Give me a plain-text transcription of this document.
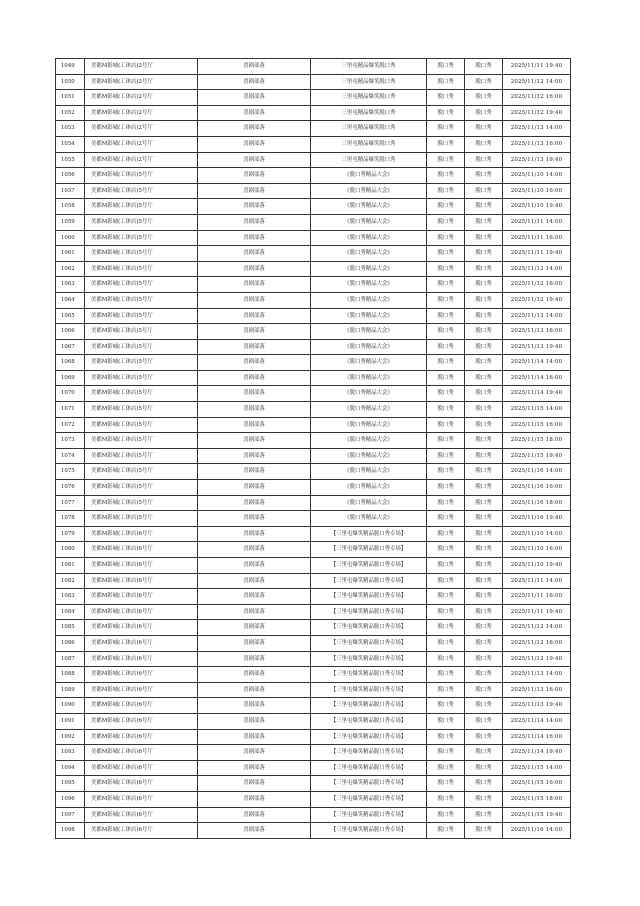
1049	美都M影城(工体店)2号厅	喜剧部落	三里屯精品爆笑脱口秀	脱口秀	脱口秀	2025/11/11 19:40
1050	美都M影城(工体店)2号厅	喜剧部落	三里屯精品爆笑脱口秀	脱口秀	脱口秀	2025/11/12 14:00
1051	美都M影城(工体店)2号厅	喜剧部落	三里屯精品爆笑脱口秀	脱口秀	脱口秀	2025/11/12 16:00
1052	美都M影城(工体店)2号厅	喜剧部落	三里屯精品爆笑脱口秀	脱口秀	脱口秀	2025/11/12 19:40
1053	美都M影城(工体店)2号厅	喜剧部落	三里屯精品爆笑脱口秀	脱口秀	脱口秀	2025/11/13 14:00
1054	美都M影城(工体店)2号厅	喜剧部落	三里屯精品爆笑脱口秀	脱口秀	脱口秀	2025/11/13 16:00
1055	美都M影城(工体店)2号厅	喜剧部落	三里屯精品爆笑脱口秀	脱口秀	脱口秀	2025/11/13 19:40
1056	美都M影城(工体店)5号厅	喜剧部落	《脱口秀精品大会》	脱口秀	脱口秀	2025/11/10 14:00
1057	美都M影城(工体店)5号厅	喜剧部落	《脱口秀精品大会》	脱口秀	脱口秀	2025/11/10 16:00
1058	美都M影城(工体店)5号厅	喜剧部落	《脱口秀精品大会》	脱口秀	脱口秀	2025/11/10 19:40
1059	美都M影城(工体店)5号厅	喜剧部落	《脱口秀精品大会》	脱口秀	脱口秀	2025/11/11 14:00
1060	美都M影城(工体店)5号厅	喜剧部落	《脱口秀精品大会》	脱口秀	脱口秀	2025/11/11 16:00
1061	美都M影城(工体店)5号厅	喜剧部落	《脱口秀精品大会》	脱口秀	脱口秀	2025/11/11 19:40
1062	美都M影城(工体店)5号厅	喜剧部落	《脱口秀精品大会》	脱口秀	脱口秀	2025/11/12 14:00
1063	美都M影城(工体店)5号厅	喜剧部落	《脱口秀精品大会》	脱口秀	脱口秀	2025/11/12 16:00
1064	美都M影城(工体店)5号厅	喜剧部落	《脱口秀精品大会》	脱口秀	脱口秀	2025/11/12 19:40
1065	美都M影城(工体店)5号厅	喜剧部落	《脱口秀精品大会》	脱口秀	脱口秀	2025/11/13 14:00
1066	美都M影城(工体店)5号厅	喜剧部落	《脱口秀精品大会》	脱口秀	脱口秀	2025/11/13 16:00
1067	美都M影城(工体店)5号厅	喜剧部落	《脱口秀精品大会》	脱口秀	脱口秀	2025/11/13 19:40
1068	美都M影城(工体店)5号厅	喜剧部落	《脱口秀精品大会》	脱口秀	脱口秀	2025/11/14 14:00
1069	美都M影城(工体店)5号厅	喜剧部落	《脱口秀精品大会》	脱口秀	脱口秀	2025/11/14 16:00
1070	美都M影城(工体店)5号厅	喜剧部落	《脱口秀精品大会》	脱口秀	脱口秀	2025/11/14 19:40
1071	美都M影城(工体店)5号厅	喜剧部落	《脱口秀精品大会》	脱口秀	脱口秀	2025/11/15 14:00
1072	美都M影城(工体店)5号厅	喜剧部落	《脱口秀精品大会》	脱口秀	脱口秀	2025/11/15 16:00
1073	美都M影城(工体店)5号厅	喜剧部落	《脱口秀精品大会》	脱口秀	脱口秀	2025/11/15 18:00
1074	美都M影城(工体店)5号厅	喜剧部落	《脱口秀精品大会》	脱口秀	脱口秀	2025/11/15 19:40
1075	美都M影城(工体店)5号厅	喜剧部落	《脱口秀精品大会》	脱口秀	脱口秀	2025/11/16 14:00
1076	美都M影城(工体店)5号厅	喜剧部落	《脱口秀精品大会》	脱口秀	脱口秀	2025/11/16 16:00
1077	美都M影城(工体店)5号厅	喜剧部落	《脱口秀精品大会》	脱口秀	脱口秀	2025/11/16 18:00
1078	美都M影城(工体店)5号厅	喜剧部落	《脱口秀精品大会》	脱口秀	脱口秀	2025/11/16 19:40
1079	美都M影城(工体店)6号厅	喜剧部落	【三里屯爆笑精品脱口秀专场】	脱口秀	脱口秀	2025/11/10 14:00
1080	美都M影城(工体店)6号厅	喜剧部落	【三里屯爆笑精品脱口秀专场】	脱口秀	脱口秀	2025/11/10 16:00
1081	美都M影城(工体店)6号厅	喜剧部落	【三里屯爆笑精品脱口秀专场】	脱口秀	脱口秀	2025/11/10 19:40
1082	美都M影城(工体店)6号厅	喜剧部落	【三里屯爆笑精品脱口秀专场】	脱口秀	脱口秀	2025/11/11 14:00
1083	美都M影城(工体店)6号厅	喜剧部落	【三里屯爆笑精品脱口秀专场】	脱口秀	脱口秀	2025/11/11 16:00
1084	美都M影城(工体店)6号厅	喜剧部落	【三里屯爆笑精品脱口秀专场】	脱口秀	脱口秀	2025/11/11 19:40
1085	美都M影城(工体店)6号厅	喜剧部落	【三里屯爆笑精品脱口秀专场】	脱口秀	脱口秀	2025/11/12 14:00
1086	美都M影城(工体店)6号厅	喜剧部落	【三里屯爆笑精品脱口秀专场】	脱口秀	脱口秀	2025/11/12 16:00
1087	美都M影城(工体店)6号厅	喜剧部落	【三里屯爆笑精品脱口秀专场】	脱口秀	脱口秀	2025/11/12 19:40
1088	美都M影城(工体店)6号厅	喜剧部落	【三里屯爆笑精品脱口秀专场】	脱口秀	脱口秀	2025/11/13 14:00
1089	美都M影城(工体店)6号厅	喜剧部落	【三里屯爆笑精品脱口秀专场】	脱口秀	脱口秀	2025/11/13 16:00
1090	美都M影城(工体店)6号厅	喜剧部落	【三里屯爆笑精品脱口秀专场】	脱口秀	脱口秀	2025/11/13 19:40
1091	美都M影城(工体店)6号厅	喜剧部落	【三里屯爆笑精品脱口秀专场】	脱口秀	脱口秀	2025/11/14 14:00
1092	美都M影城(工体店)6号厅	喜剧部落	【三里屯爆笑精品脱口秀专场】	脱口秀	脱口秀	2025/11/14 16:00
1093	美都M影城(工体店)6号厅	喜剧部落	【三里屯爆笑精品脱口秀专场】	脱口秀	脱口秀	2025/11/14 19:40
1094	美都M影城(工体店)6号厅	喜剧部落	【三里屯爆笑精品脱口秀专场】	脱口秀	脱口秀	2025/11/15 14:00
1095	美都M影城(工体店)6号厅	喜剧部落	【三里屯爆笑精品脱口秀专场】	脱口秀	脱口秀	2025/11/15 16:00
1096	美都M影城(工体店)6号厅	喜剧部落	【三里屯爆笑精品脱口秀专场】	脱口秀	脱口秀	2025/11/15 18:00
1097	美都M影城(工体店)6号厅	喜剧部落	【三里屯爆笑精品脱口秀专场】	脱口秀	脱口秀	2025/11/15 19:40
1098	美都M影城(工体店)6号厅	喜剧部落	【三里屯爆笑精品脱口秀专场】	脱口秀	脱口秀	2025/11/16 14:00
